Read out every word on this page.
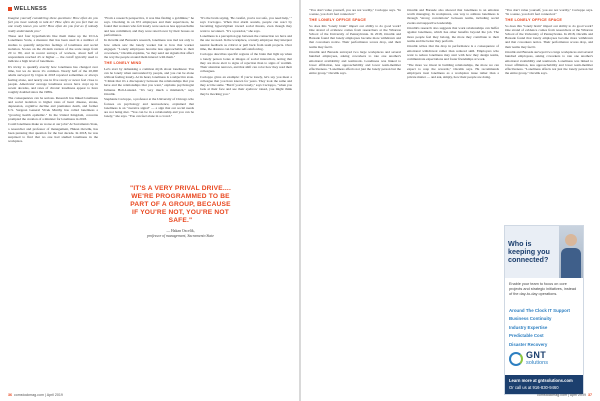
WELLNESS

Imagine yourself considering these questions: How often do you feel you have nobody to talk to? How often do you feel that no one really knows you well? How often do you feel as if nobody really understands you?

These and four hypotheticals like them make up the UCLA Loneliness Scale, a measure that has been used in a number of studies to quantify subjective feelings of loneliness and social isolation. Scores on the 20-item version of the scale range from 20 to 80, and in recent surveys of workers, about half of respondents reached 43 or higher — the cutoff typically used to indicate a high level of loneliness.

It's tricky to quantify exactly how loneliness has changed over time, but we do know it's common. Nearly half of the 20,000 adults surveyed by Cigna in 2018 reported sometimes or always feeling alone, and nearly one in five rarely or never feel close to people. Americans' average loneliness scores have crept up in recent decades, and rates of chronic loneliness appear to have roughly doubled since the 1980s.

The consequences can be serious. Research has linked loneliness and social isolation to higher rates of heart disease, stroke, depression, cognitive decline and premature death, and former U.S. Surgeon General Vivek Murthy has called loneliness a "growing health epidemic." In the United Kingdom, concerns prompted the creation of a minister for loneliness in 2018.

Could loneliness make us worse at our jobs? At Sacramento State, a researcher and professor of management, Hakan Ozcelik, has been pursuing that question for the last decade. In 2018, he was surprised to find that no one had studied loneliness in the workplace.

"From a research perspective, it was like finding a goldmine," he says. Checking in on 672 employees and their supervisors, he found that workers who felt lonely were seen as less approachable and less committed, and they were rated lower by their bosses on performance.

In Ozcelik and Barsade's research, loneliness was tied not only to how others saw the lonely worker but to how that worker engaged. "Lonely employees become less approachable to their coworkers," Ozcelik explains, "so they send out signals that affect the way the people around them interact with them."

THE LONELY MIND

Let's start by debunking a common myth about loneliness: You can be lonely when surrounded by people, and you can be alone without feeling lonely. At its heart, loneliness is a subjective state. "I think that it's a discrepancy between the relationships that you have and the relationships that you want," explains psychologist Julianne Holt-Lunstad. "It's very much a mismatch," says Ozcelik.

Stephanie Cacioppo, a professor at the University of Chicago who focuses on psychology and neuroscience, explained that loneliness is an "aversive signal" — a sign that our social needs are not being met. "You can be in a relationship and you can be lonely," she says. "You can feel alone in a crowd."

"It's the brain saying, 'Be careful, you're not safe, you need help,' " says Cacioppo. When that alarm sounds, people can react by becoming hypervigilant toward social threats, even though they want to reconnect. "It's a paradox," she says.

Loneliness is a perception gap between the connection we have and the one we need. In the workplace, a lonely employee may interpret neutral feedback as critical or pull back from team projects. Over time, the distance can become self-reinforcing.

Cacioppo describes specific regions of the brain that light up when a lonely person looks at images of social interaction, noting that they are more alert to signs of rejection than to signs of warmth. Their attention narrows, and that shift can color how they read their colleagues.

Cacioppo gives an example: If you're lonely, let's say you meet a colleague that you have known for years. They look the same and they act the same. "But if you're lonely," says Cacioppo, "when you look at their face and see their eyebrow raised, you might think they're mocking you."

"IT'S A VERY PRIVAL DRIVE.... WE'RE PROGRAMMED TO BE PART OF A GROUP, BECAUSE IF YOU'RE NOT, YOU'RE NOT SAFE."
— Hakan Ozcelik,
professor of management, Sacramento State
36 comstockmag.com | April 2019

"You don't value yourself, you are not worthy," Cacioppo says. "In a sense, you don't feel connected."

THE LONELY OFFICE SPACE

So does this "lonely brain" impact our ability to do good work? One strand of evidence comes from researchers at the Wharton School of the University of Pennsylvania. In 2018, Ozcelik and Barsade found that lonely employees become more withdrawn and that coworkers notice. Their performance scores drop, and their teams may feel it.

Ozcelik and Barsade surveyed two large workplaces and several hundred employees, asking coworkers to rate one another's emotional availability and teamwork. Loneliness was linked to lower affiliation, less approachability and lower team-member effectiveness. "Loneliness affects not just the lonely person but the entire group," Ozcelik says.

Ozcelik and Barsade also showed that loneliness is an emotion worth managing. In workplaces, one way to address loneliness is through "strong correlations" between teams, including social events and supportive leadership.

Ozcelik's research also suggests that work relationships can buffer against loneliness, which has other benefits beyond the job. The more people feel they belong, the more they contribute to their teams and the better they perform.

Ozcelik writes that the drop in performance is a consequence of emotional withdrawal rather than reduced skill. Employers who want to reduce loneliness may start with how they design teams, communicate expectations and foster friendships at work.

"The more we invest in building relationships, the more we can expect to reap the rewards," Ozcelik says. He recommends employers treat loneliness as a workplace issue rather than a private matter — and ask, simply, how their people are doing.

"You don't value yourself, you are not worthy," Cacioppo says. "In a sense, you don't feel connected."

THE LONELY OFFICE SPACE

So does this "lonely brain" impact our ability to do good work? One strand of evidence comes from researchers at the Wharton School of the University of Pennsylvania. In 2018, Ozcelik and Barsade found that lonely employees become more withdrawn and that coworkers notice. Their performance scores drop, and their teams may feel it.

Ozcelik and Barsade surveyed two large workplaces and several hundred employees, asking coworkers to rate one another's emotional availability and teamwork. Loneliness was linked to lower affiliation, less approachability and lower team-member effectiveness. "Loneliness affects not just the lonely person but the entire group," Ozcelik says.

Who is keeping you connected?
Enable your team to focus on core projects and strategic initiatives, instead of the day-to-day operations.
Around The Clock IT Support
Business Continuity
Industry Expertise
Predictable Cost
Disaster Recovery
GNT
solutions
Learn more at gntsolutions.com
Or call us at 916-830-9460
comstockmag.com | April 2019 37
